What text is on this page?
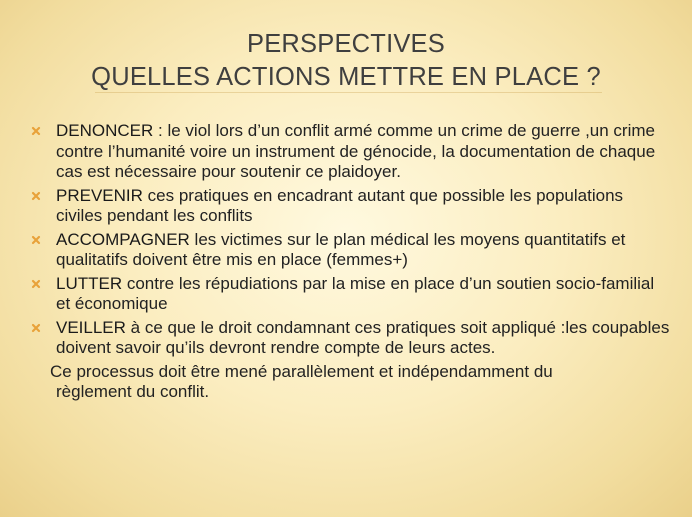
PERSPECTIVES
QUELLES ACTIONS METTRE EN PLACE ?
DENONCER : le viol lors d’un conflit armé comme un crime de guerre ,un crime contre l’humanité voire un instrument de génocide, la documentation de chaque cas est nécessaire pour soutenir ce plaidoyer.
PREVENIR ces pratiques en encadrant autant que possible les populations civiles pendant les conflits
ACCOMPAGNER les victimes sur le plan médical les moyens quantitatifs et qualitatifs doivent être mis en place (femmes+)
LUTTER contre les répudiations par la mise en place d’un soutien socio-familial et économique
VEILLER à ce que le droit condamnant ces pratiques soit appliqué :les coupables doivent savoir qu’ils devront rendre compte de leurs actes.
Ce processus doit être mené parallèlement et indépendamment du
règlement du conflit.
